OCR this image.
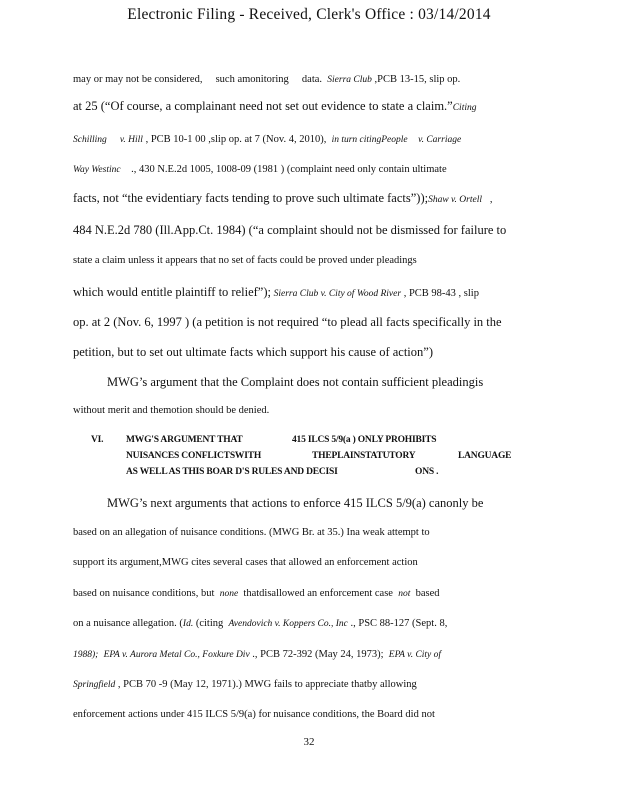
Electronic Filing - Received, Clerk's Office : 03/14/2014
may or may not be considered, such amonitoring data. Sierra Club ,PCB 13-15, slip op.
at 25 (“Of course, a complainant need not set out evidence to state a claim.”Citing
Schilling v. Hill , PCB 10-1 00 ,slip op. at 7 (Nov. 4, 2010), in turn citingPeople v. Carriage
Way Westinc ., 430 N.E.2d 1005, 1008-09 (1981 ) (complaint need only contain ultimate
facts, not “the evidentiary facts tending to prove such ultimate facts”));Shaw v. Ortell ,
484 N.E.2d 780 (Ill.App.Ct. 1984) (“a complaint should not be dismissed for failure to
state a claim unless it appears that no set of facts could be proved under pleadings
which would entitle plaintiff to relief”); Sierra Club v. City of Wood River , PCB 98-43 , slip
op. at 2 (Nov. 6, 1997 ) (a petition is not required “to plead all facts specifically in the
petition, but to set out ultimate facts which support his cause of action”)
MWG’s argument that the Complaint does not contain sufficient pleadingis
without merit and themotion should be denied.
VI. MWG'S ARGUMENT THAT	415 ILCS 5/9(a ) ONLY PROHIBITS
NUISANCES CONFLICTSWITH	THEPLAINSTATUTORY	LANGUAGE
AS WELL AS THIS BOAR D'S RULES AND DECISI	ONS .
MWG’s next arguments that actions to enforce 415 ILCS 5/9(a) canonly be
based on an allegation of nuisance conditions. (MWG Br. at 35.) Ina weak attempt to
support its argument,MWG cites several cases that allowed an enforcement action
based on nuisance conditions, but none thatdisallowed an enforcement case not based
on a nuisance allegation. (Id. (citing Avendovich v. Koppers Co., Inc ., PSC 88-127 (Sept. 8,
1988); EPA v. Aurora Metal Co., Foxkure Div ., PCB 72-392 (May 24, 1973); EPA v. City of
Springfield , PCB 70 -9 (May 12, 1971).) MWG fails to appreciate thatby allowing
enforcement actions under 415 ILCS 5/9(a) for nuisance conditions, the Board did not
32
